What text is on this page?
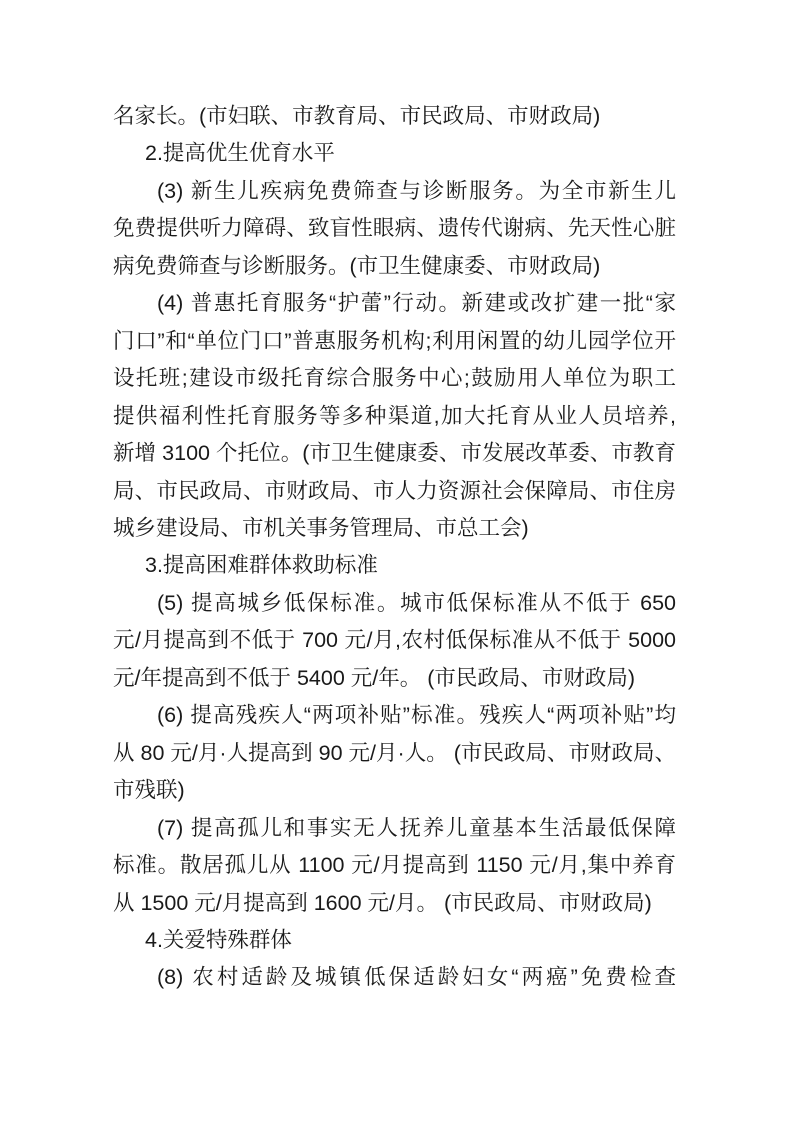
名家长。(市妇联、市教育局、市民政局、市财政局)
2.提高优生优育水平
(3) 新生儿疾病免费筛查与诊断服务。为全市新生儿
免费提供听力障碍、致盲性眼病、遗传代谢病、先天性心脏
病免费筛查与诊断服务。(市卫生健康委、市财政局)
(4) 普惠托育服务“护蕾”行动。新建或改扩建一批“家
门口”和“单位门口”普惠服务机构;利用闲置的幼儿园学位开
设托班;建设市级托育综合服务中心;鼓励用人单位为职工
提供福利性托育服务等多种渠道,加大托育从业人员培养,
新增 3100 个托位。(市卫生健康委、市发展改革委、市教育
局、市民政局、市财政局、市人力资源社会保障局、市住房
城乡建设局、市机关事务管理局、市总工会)
3.提高困难群体救助标准
(5) 提高城乡低保标准。城市低保标准从不低于 650
元/月提高到不低于 700 元/月,农村低保标准从不低于 5000
元/年提高到不低于 5400 元/年。 (市民政局、市财政局)
(6) 提高残疾人“两项补贴”标准。残疾人“两项补贴”均
从 80 元/月·人提高到 90 元/月·人。 (市民政局、市财政局、
市残联)
(7) 提高孤儿和事实无人抚养儿童基本生活最低保障
标准。散居孤儿从 1100 元/月提高到 1150 元/月,集中养育
从 1500 元/月提高到 1600 元/月。 (市民政局、市财政局)
4.关爱特殊群体
(8) 农村适龄及城镇低保适龄妇女“两癌”免费检查
